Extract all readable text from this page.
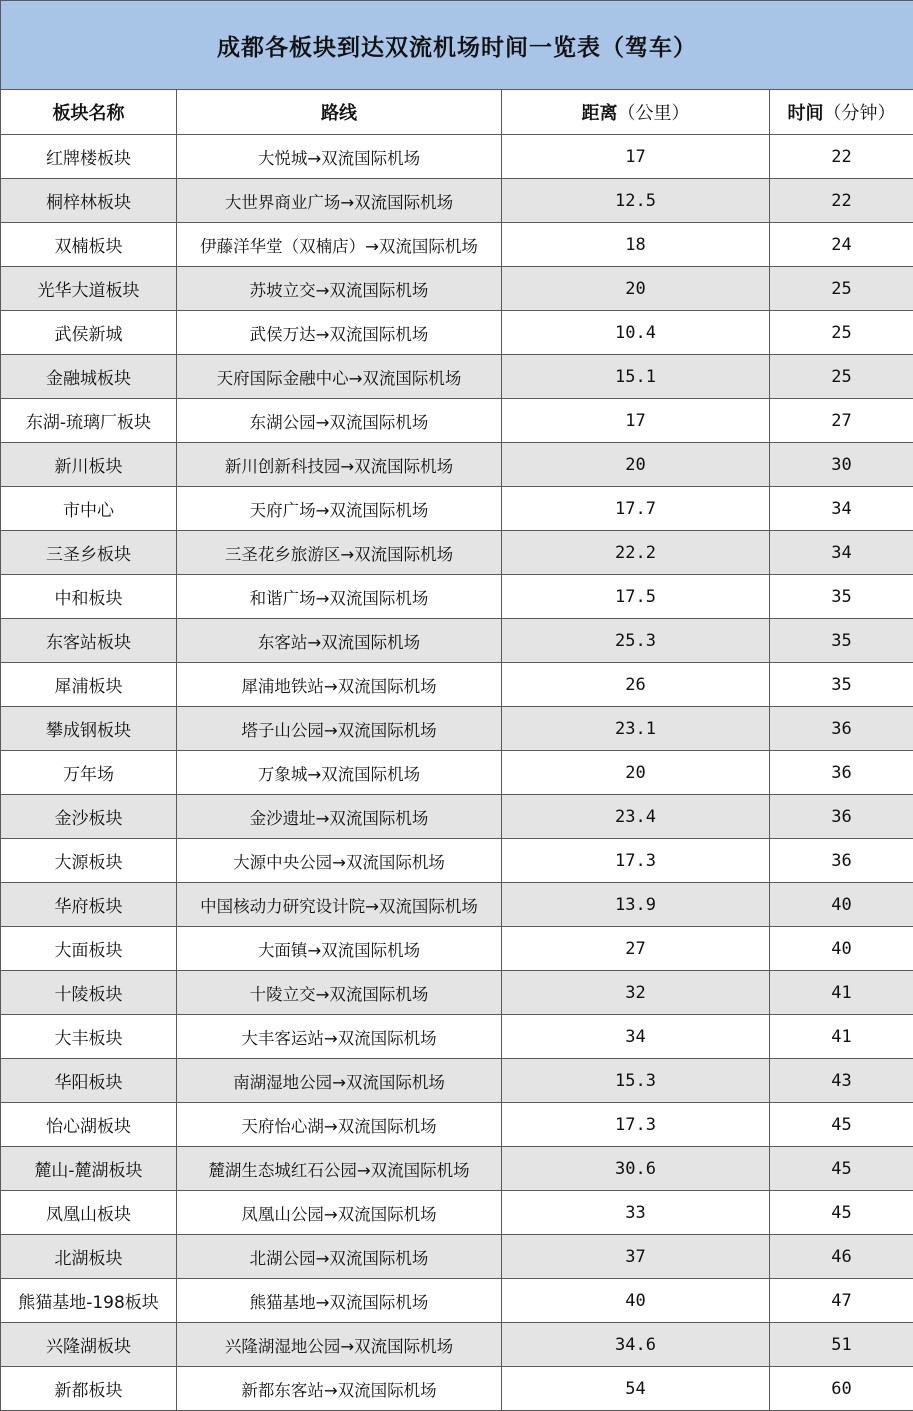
成都各板块到达双流机场时间一览表（驾车）			
板块名称	路线	距离（公里）	时间（分钟）
红牌楼板块	大悦城→双流国际机场	17	22
桐梓林板块	大世界商业广场→双流国际机场	12.5	22
双楠板块	伊藤洋华堂（双楠店）→双流国际机场	18	24
光华大道板块	苏坡立交→双流国际机场	20	25
武侯新城	武侯万达→双流国际机场	10.4	25
金融城板块	天府国际金融中心→双流国际机场	15.1	25
东湖-琉璃厂板块	东湖公园→双流国际机场	17	27
新川板块	新川创新科技园→双流国际机场	20	30
市中心	天府广场→双流国际机场	17.7	34
三圣乡板块	三圣花乡旅游区→双流国际机场	22.2	34
中和板块	和谐广场→双流国际机场	17.5	35
东客站板块	东客站→双流国际机场	25.3	35
犀浦板块	犀浦地铁站→双流国际机场	26	35
攀成钢板块	塔子山公园→双流国际机场	23.1	36
万年场	万象城→双流国际机场	20	36
金沙板块	金沙遗址→双流国际机场	23.4	36
大源板块	大源中央公园→双流国际机场	17.3	36
华府板块	中国核动力研究设计院→双流国际机场	13.9	40
大面板块	大面镇→双流国际机场	27	40
十陵板块	十陵立交→双流国际机场	32	41
大丰板块	大丰客运站→双流国际机场	34	41
华阳板块	南湖湿地公园→双流国际机场	15.3	43
怡心湖板块	天府怡心湖→双流国际机场	17.3	45
麓山-麓湖板块	麓湖生态城红石公园→双流国际机场	30.6	45
凤凰山板块	凤凰山公园→双流国际机场	33	45
北湖板块	北湖公园→双流国际机场	37	46
熊猫基地-198板块	熊猫基地→双流国际机场	40	47
兴隆湖板块	兴隆湖湿地公园→双流国际机场	34.6	51
新都板块	新都东客站→双流国际机场	54	60
